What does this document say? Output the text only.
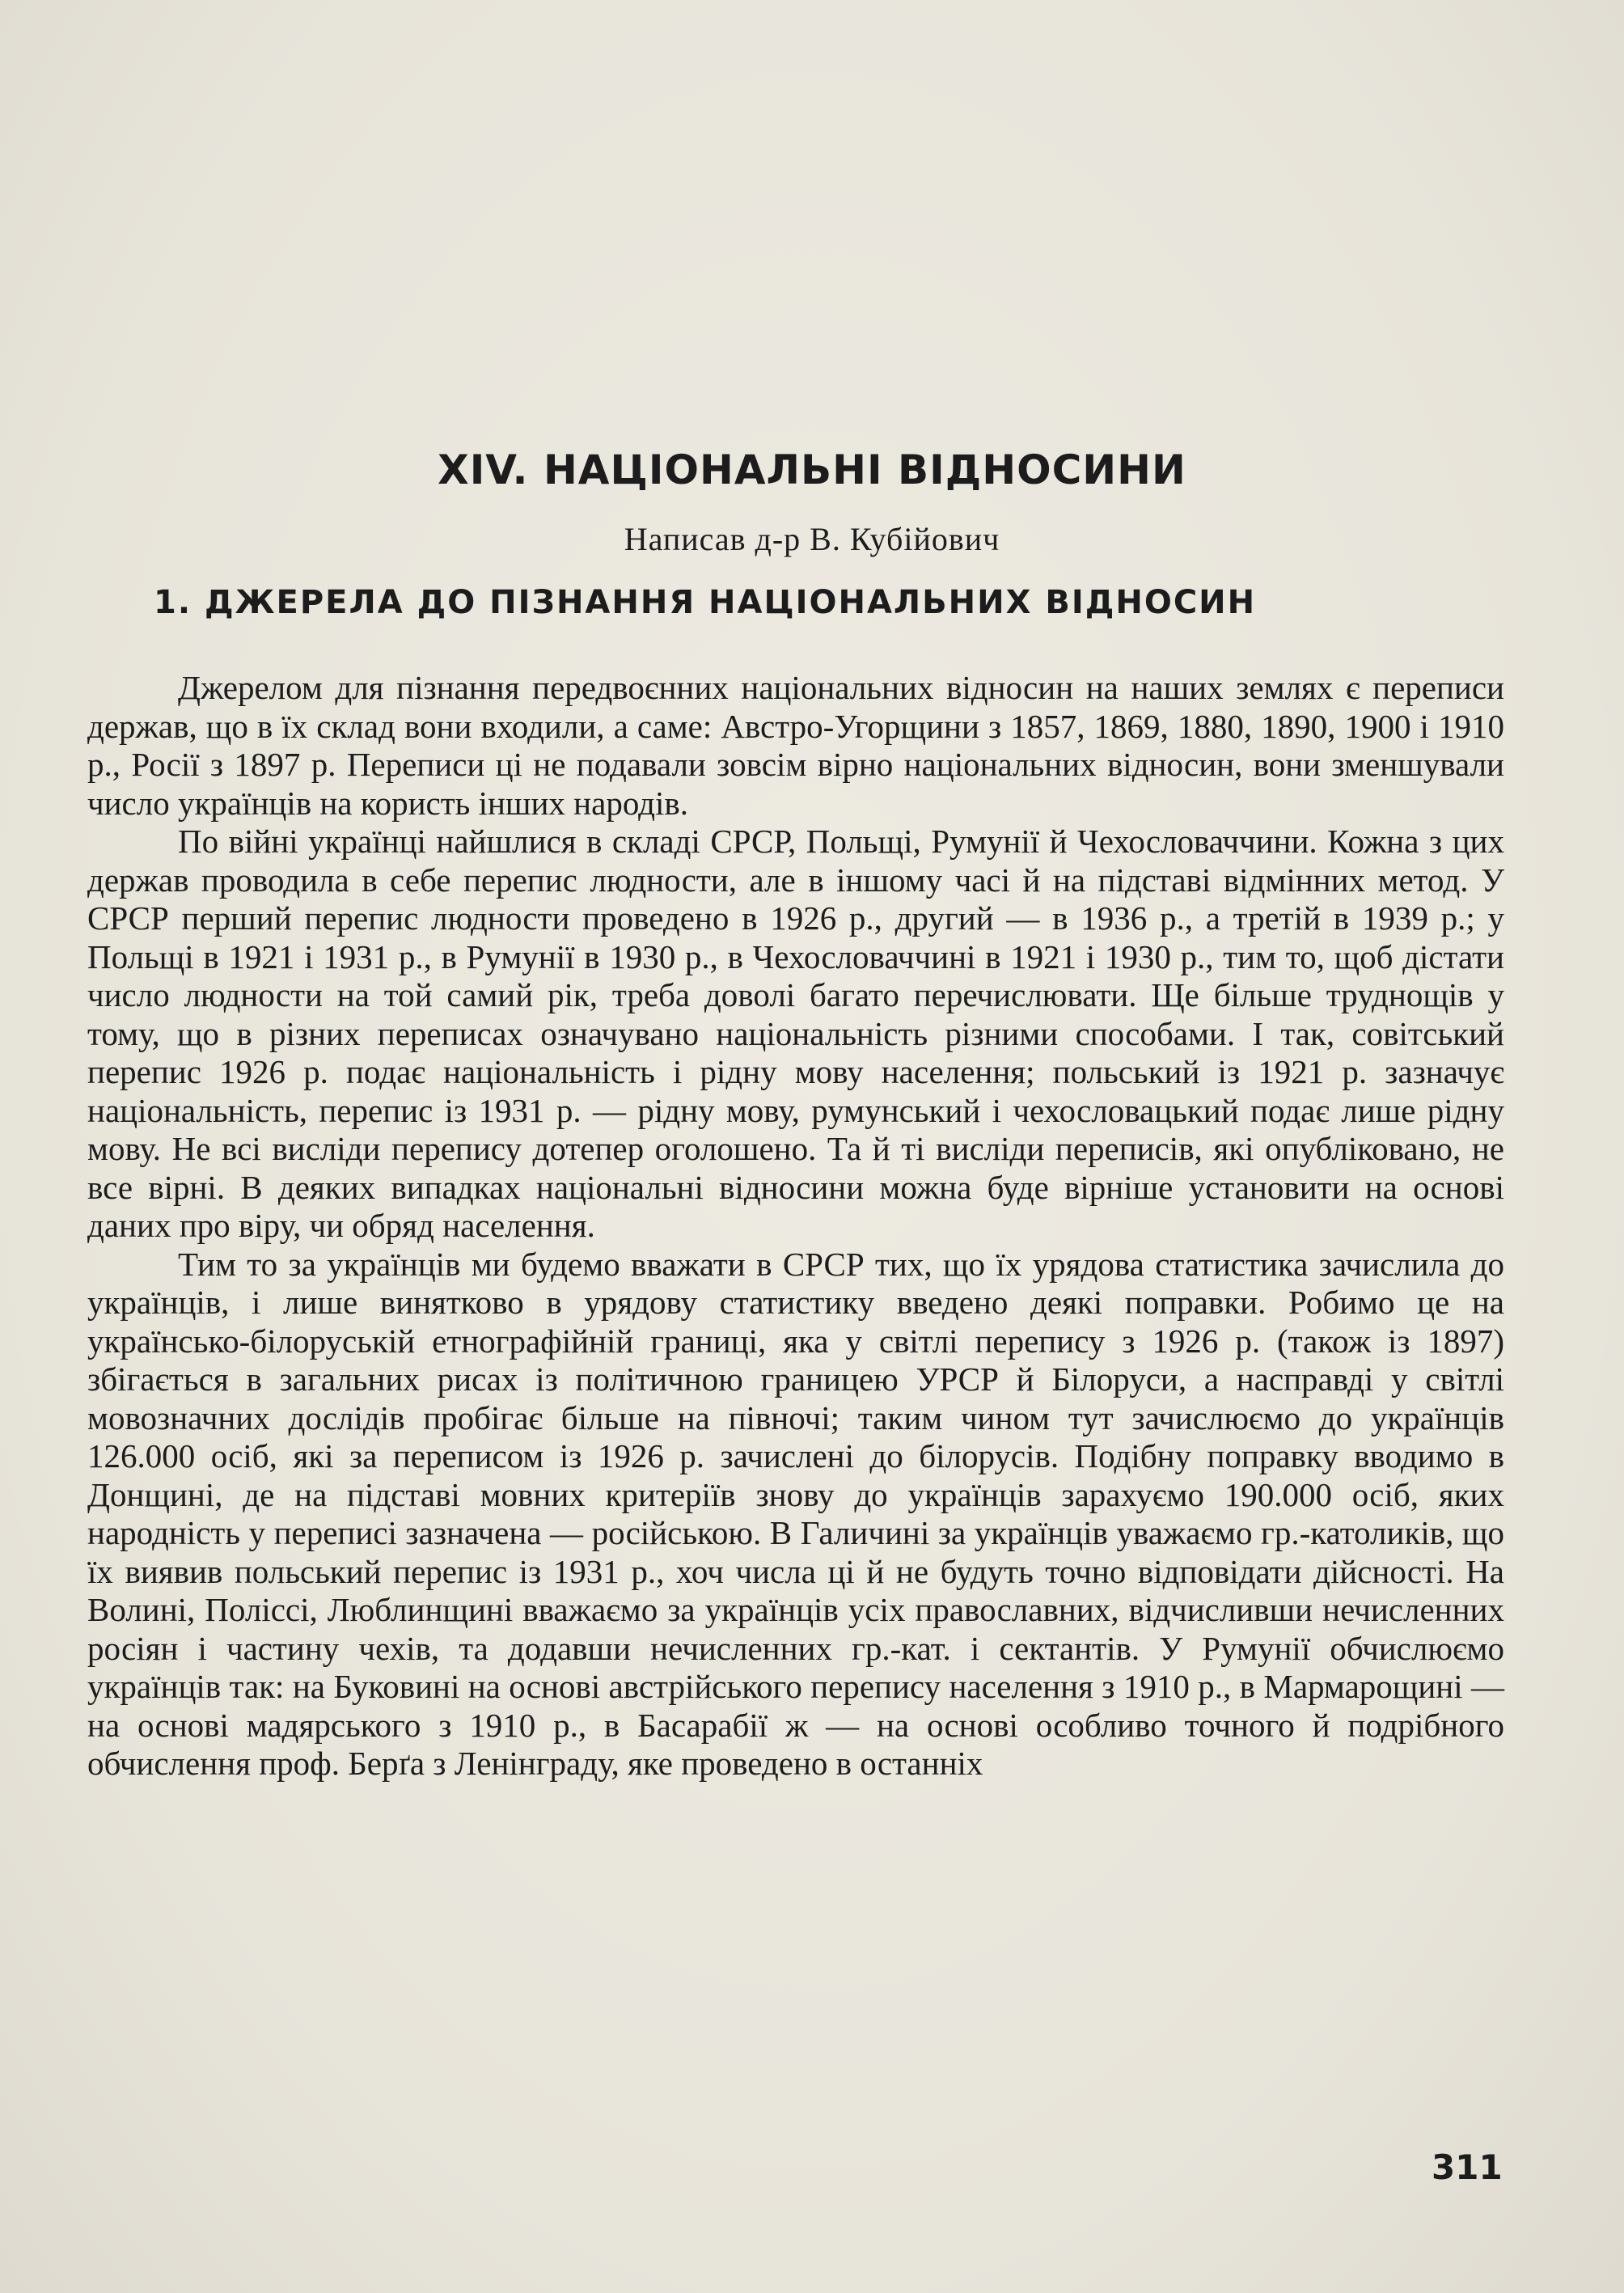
XIV. НАЦІОНАЛЬНІ ВІДНОСИНИ
Написав д-р В. Кубійович
1. ДЖЕРЕЛА ДО ПІЗНАННЯ НАЦІОНАЛЬНИХ ВІДНОСИН

Джерелом для пізнання передвоєнних національних відносин на наших землях є переписи держав, що в їх склад вони входили, а саме: Австро-Угорщини з 1857, 1869, 1880, 1890, 1900 і 1910 р., Росії з 1897 р. Переписи ці не подавали зовсім вірно національних відносин, вони зменшували число українців на користь інших народів.

По війні українці найшлися в складі СРСР, Польщі, Румунії й Чехословаччини. Кожна з цих держав проводила в себе перепис людности, але в іншому часі й на підставі відмінних метод. У СРСР перший перепис людности проведено в 1926 р., другий — в 1936 р., а третій в 1939 р.; у Польщі в 1921 і 1931 р., в Румунії в 1930 р., в Чехословаччині в 1921 і 1930 р., тим то, щоб дістати число людности на той самий рік, треба доволі багато перечислювати. Ще більше труднощів у тому, що в різних переписах означувано національність різними способами. І так, совітський перепис 1926 р. подає національність і рідну мову населення; польський із 1921 р. зазначує національність, перепис із 1931 р. — рідну мову, румунський і чехословацький подає лише рідну мову. Не всі висліди перепису дотепер оголошено. Та й ті висліди переписів, які опубліковано, не все вірні. В деяких випадках національні відносини можна буде вірніше установити на основі даних про віру, чи обряд населення.

Тим то за українців ми будемо вважати в СРСР тих, що їх урядова статистика зачислила до українців, і лише винятково в урядову статистику введено деякі поправки. Робимо це на українсько-білоруській етнографійній границі, яка у світлі перепису з 1926 р. (також із 1897) збігається в загальних рисах із політичною границею УРСР й Білоруси, а насправді у світлі мовозначних дослідів пробігає більше на півночі; таким чином тут зачислюємо до українців 126.000 осіб, які за переписом із 1926 р. зачислені до білорусів. Подібну поправку вводимо в Донщині, де на підставі мовних критеріїв знову до українців зарахуємо 190.000 осіб, яких народність у переписі зазначена — російською. В Галичині за українців уважаємо гр.-католиків, що їх виявив польський перепис із 1931 р., хоч числа ці й не будуть точно відповідати дійсності. На Волині, Поліссі, Люблинщині вважаємо за українців усіх православних, відчисливши нечисленних росіян і частину чехів, та додавши нечисленних гр.-кат. і сектантів. У Румунії обчислюємо українців так: на Буковині на основі австрійського перепису населення з 1910 р., в Мармарощині — на основі мадярського з 1910 р., в Басарабії ж — на основі особливо точного й подрібного обчислення проф. Берґа з Ленінграду, яке проведено в останніх

311
